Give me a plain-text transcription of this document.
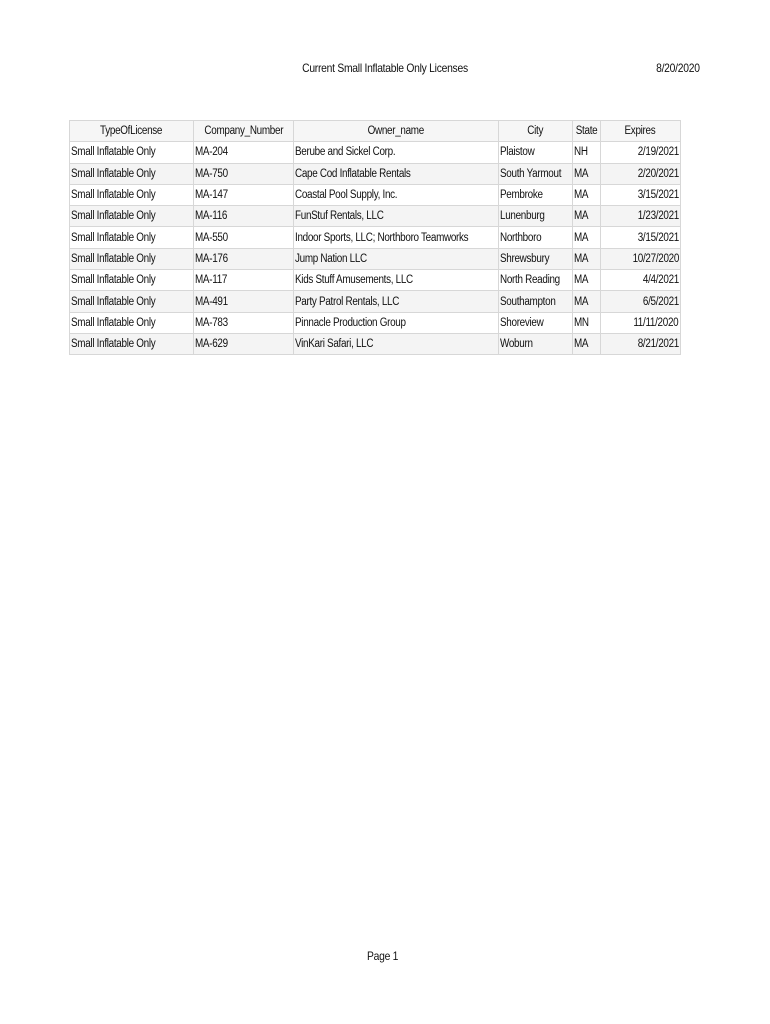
Current Small Inflatable Only Licenses	8/20/2020
TypeOfLicense	Company_Number	Owner_name	City	State	Expires
Small Inflatable Only	MA-204	Berube and Sickel Corp.	Plaistow	NH	2/19/2021
Small Inflatable Only	MA-750	Cape Cod Inflatable Rentals	South Yarmout	MA	2/20/2021
Small Inflatable Only	MA-147	Coastal Pool Supply, Inc.	Pembroke	MA	3/15/2021
Small Inflatable Only	MA-116	FunStuf Rentals, LLC	Lunenburg	MA	1/23/2021
Small Inflatable Only	MA-550	Indoor Sports, LLC; Northboro Teamworks	Northboro	MA	3/15/2021
Small Inflatable Only	MA-176	Jump Nation LLC	Shrewsbury	MA	10/27/2020
Small Inflatable Only	MA-117	Kids Stuff Amusements, LLC	North Reading	MA	4/4/2021
Small Inflatable Only	MA-491	Party Patrol Rentals, LLC	Southampton	MA	6/5/2021
Small Inflatable Only	MA-783	Pinnacle Production Group	Shoreview	MN	11/11/2020
Small Inflatable Only	MA-629	VinKari Safari, LLC	Woburn	MA	8/21/2021
Page 1
